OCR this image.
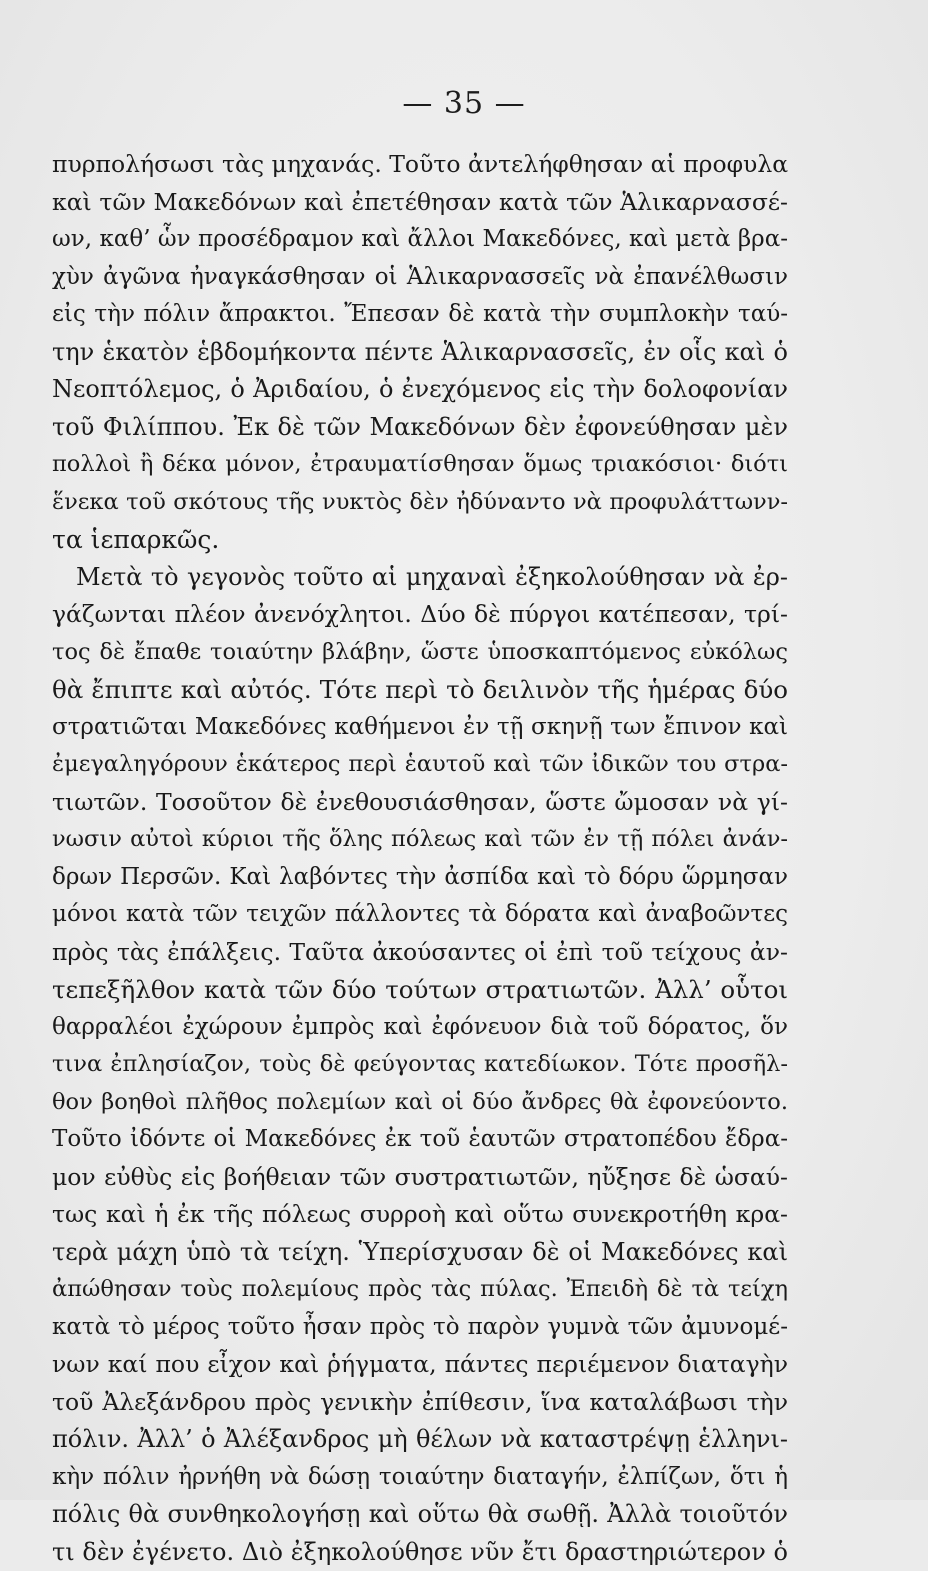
— 35 —
πυρπολήσωσι τὰς μηχανάς. Τοῦτο ἀντελήφθησαν αἱ προφυλα
καὶ τῶν Μακεδόνων καὶ ἐπετέθησαν κατὰ τῶν Ἁλικαρνασσέ-
ων, καθ’ ὧν προσέδραμον καὶ ἄλλοι Μακεδόνες, καὶ μετὰ βρα-
χὺν ἀγῶνα ἠναγκάσθησαν οἱ Ἁλικαρνασσεῖς νὰ ἐπανέλθωσιν
εἰς τὴν πόλιν ἄπρακτοι. Ἔπεσαν δὲ κατὰ τὴν συμπλοκὴν ταύ-
την ἑκατὸν ἑβδομήκοντα πέντε Ἁλικαρνασσεῖς, ἐν οἷς καὶ ὁ
Νεοπτόλεμος, ὁ Ἀριδαίου, ὁ ἐνεχόμενος εἰς τὴν δολοφονίαν
τοῦ Φιλίππου. Ἐκ δὲ τῶν Μακεδόνων δὲν ἐφονεύθησαν μὲν
πολλοὶ ἢ δέκα μόνον, ἐτραυματίσθησαν ὅμως τριακόσιοι· διότι
ἕνεκα τοῦ σκότους τῆς νυκτὸς δὲν ἠδύναντο νὰ προφυλάττωνν-
τα ἱεπαρκῶς.
Μετὰ τὸ γεγονὸς τοῦτο αἱ μηχαναὶ ἐξηκολούθησαν νὰ ἐρ-
γάζωνται πλέον ἀνενόχλητοι. Δύο δὲ πύργοι κατέπεσαν, τρί-
τος δὲ ἔπαθε τοιαύτην βλάβην, ὥστε ὑποσκαπτόμενος εὐκόλως
θὰ ἔπιπτε καὶ αὐτός. Τότε περὶ τὸ δειλινὸν τῆς ἡμέρας δύο
στρατιῶται Μακεδόνες καθήμενοι ἐν τῇ σκηνῇ των ἔπινον καὶ
ἐμεγαληγόρουν ἑκάτερος περὶ ἑαυτοῦ καὶ τῶν ἰδικῶν του στρα-
τιωτῶν. Τοσοῦτον δὲ ἐνεθουσιάσθησαν, ὥστε ὤμοσαν νὰ γί-
νωσιν αὐτοὶ κύριοι τῆς ὅλης πόλεως καὶ τῶν ἐν τῇ πόλει ἀνάν-
δρων Περσῶν. Καὶ λαβόντες τὴν ἀσπίδα καὶ τὸ δόρυ ὥρμησαν
μόνοι κατὰ τῶν τειχῶν πάλλοντες τὰ δόρατα καὶ ἀναβοῶντες
πρὸς τὰς ἐπάλξεις. Ταῦτα ἀκούσαντες οἱ ἐπὶ τοῦ τείχους ἀν-
τεπεξῆλθον κατὰ τῶν δύο τούτων στρατιωτῶν. Ἀλλ’ οὗτοι
θαρραλέοι ἐχώρουν ἐμπρὸς καὶ ἐφόνευον διὰ τοῦ δόρατος, ὅν
τινα ἐπλησίαζον, τοὺς δὲ φεύγοντας κατεδίωκον. Τότε προσῆλ-
θον βοηθοὶ πλῆθος πολεμίων καὶ οἱ δύο ἄνδρες θὰ ἐφονεύοντο.
Τοῦτο ἰδόντε οἱ Μακεδόνες ἐκ τοῦ ἑαυτῶν στρατοπέδου ἔδρα-
μον εὐθὺς εἰς βοήθειαν τῶν συστρατιωτῶν, ηὔξησε δὲ ὡσαύ-
τως καὶ ἡ ἐκ τῆς πόλεως συρροὴ καὶ οὕτω συνεκροτήθη κρα-
τερὰ μάχη ὑπὸ τὰ τείχη. Ὑπερίσχυσαν δὲ οἱ Μακεδόνες καὶ
ἀπώθησαν τοὺς πολεμίους πρὸς τὰς πύλας. Ἐπειδὴ δὲ τὰ τείχη
κατὰ τὸ μέρος τοῦτο ἦσαν πρὸς τὸ παρὸν γυμνὰ τῶν ἀμυνομέ-
νων καί που εἶχον καὶ ῥήγματα, πάντες περιέμενον διαταγὴν
τοῦ Ἀλεξάνδρου πρὸς γενικὴν ἐπίθεσιν, ἵνα καταλάβωσι τὴν
πόλιν. Ἀλλ’ ὁ Ἀλέξανδρος μὴ θέλων νὰ καταστρέψῃ ἑλληνι-
κὴν πόλιν ἠρνήθη νὰ δώσῃ τοιαύτην διαταγήν, ἐλπίζων, ὅτι ἡ
πόλις θὰ συνθηκολογήσῃ καὶ οὕτω θὰ σωθῇ. Ἀλλὰ τοιοῦτόν
τι δὲν ἐγένετο. Διὸ ἐξηκολούθησε νῦν ἔτι δραστηριώτερον ὁ
